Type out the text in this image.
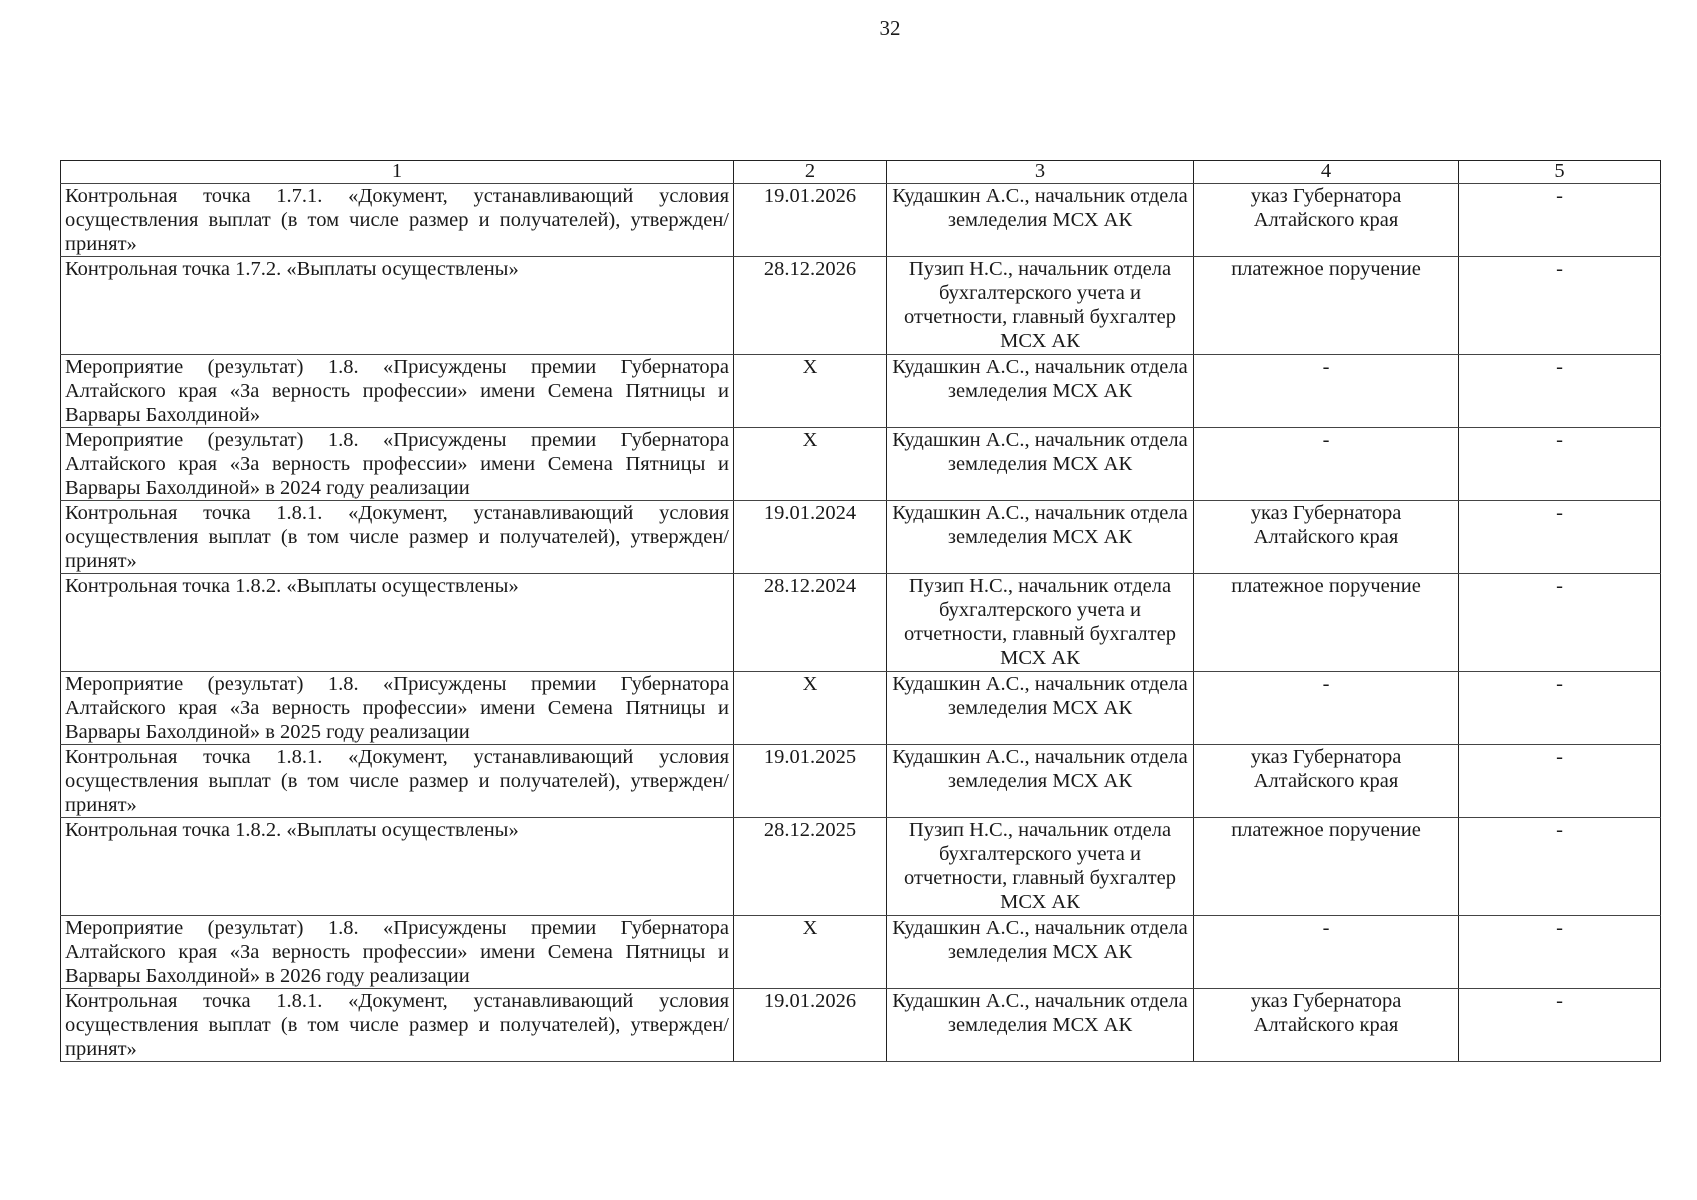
32
1	2	3	4	5
Контрольная точка 1.7.1. «Документ, устанавливающий условия осуществления выплат (в том числе размер и получателей), утвержден/принят»	19.01.2026	Кудашкин А.С., начальник отдела земледелия МСХ АК	указ Губернатора Алтайского края	-
Контрольная точка 1.7.2. «Выплаты осуществлены»	28.12.2026	Пузип Н.С., начальник отдела бухгалтерского учета и отчетности, главный бухгалтер МСХ АК	платежное поручение	-
Мероприятие (результат) 1.8. «Присуждены премии Губернатора Алтайского края «За верность профессии» имени Семена Пятницы и Варвары Бахолдиной»	Х	Кудашкин А.С., начальник отдела земледелия МСХ АК	-	-
Мероприятие (результат) 1.8. «Присуждены премии Губернатора Алтайского края «За верность профессии» имени Семена Пятницы и Варвары Бахолдиной» в 2024 году реализации	Х	Кудашкин А.С., начальник отдела земледелия МСХ АК	-	-
Контрольная точка 1.8.1. «Документ, устанавливающий условия осуществления выплат (в том числе размер и получателей), утвержден/принят»	19.01.2024	Кудашкин А.С., начальник отдела земледелия МСХ АК	указ Губернатора Алтайского края	-
Контрольная точка 1.8.2. «Выплаты осуществлены»	28.12.2024	Пузип Н.С., начальник отдела бухгалтерского учета и отчетности, главный бухгалтер МСХ АК	платежное поручение	-
Мероприятие (результат) 1.8. «Присуждены премии Губернатора Алтайского края «За верность профессии» имени Семена Пятницы и Варвары Бахолдиной» в 2025 году реализации	Х	Кудашкин А.С., начальник отдела земледелия МСХ АК	-	-
Контрольная точка 1.8.1. «Документ, устанавливающий условия осуществления выплат (в том числе размер и получателей), утвержден/принят»	19.01.2025	Кудашкин А.С., начальник отдела земледелия МСХ АК	указ Губернатора Алтайского края	-
Контрольная точка 1.8.2. «Выплаты осуществлены»	28.12.2025	Пузип Н.С., начальник отдела бухгалтерского учета и отчетности, главный бухгалтер МСХ АК	платежное поручение	-
Мероприятие (результат) 1.8. «Присуждены премии Губернатора Алтайского края «За верность профессии» имени Семена Пятницы и Варвары Бахолдиной» в 2026 году реализации	Х	Кудашкин А.С., начальник отдела земледелия МСХ АК	-	-
Контрольная точка 1.8.1. «Документ, устанавливающий условия осуществления выплат (в том числе размер и получателей), утвержден/принят»	19.01.2026	Кудашкин А.С., начальник отдела земледелия МСХ АК	указ Губернатора Алтайского края	-
